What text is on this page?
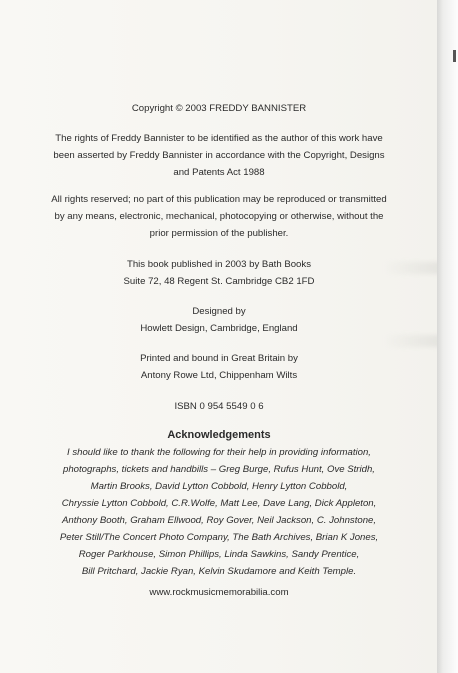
Copyright © 2003 FREDDY BANNISTER
The rights of Freddy Bannister to be identified as the author of this work have
been asserted by Freddy Bannister in accordance with the Copyright, Designs
and Patents Act 1988
All rights reserved; no part of this publication may be reproduced or transmitted
by any means, electronic, mechanical, photocopying or otherwise, without the
prior permission of the publisher.
This book published in 2003 by Bath Books
Suite 72, 48 Regent St. Cambridge CB2 1FD
Designed by
Howlett Design, Cambridge, England
Printed and bound in Great Britain by
Antony Rowe Ltd, Chippenham Wilts
ISBN 0 954 5549 0 6
Acknowledgements
I should like to thank the following for their help in providing information,
photographs, tickets and handbills – Greg Burge, Rufus Hunt, Ove Stridh,
Martin Brooks, David Lytton Cobbold, Henry Lytton Cobbold,
Chryssie Lytton Cobbold, C.R.Wolfe, Matt Lee, Dave Lang, Dick Appleton,
Anthony Booth, Graham Ellwood, Roy Gover, Neil Jackson, C. Johnstone,
Peter Still/The Concert Photo Company, The Bath Archives, Brian K Jones,
Roger Parkhouse, Simon Phillips, Linda Sawkins, Sandy Prentice,
Bill Pritchard, Jackie Ryan, Kelvin Skudamore and Keith Temple.
www.rockmusicmemorabilia.com
